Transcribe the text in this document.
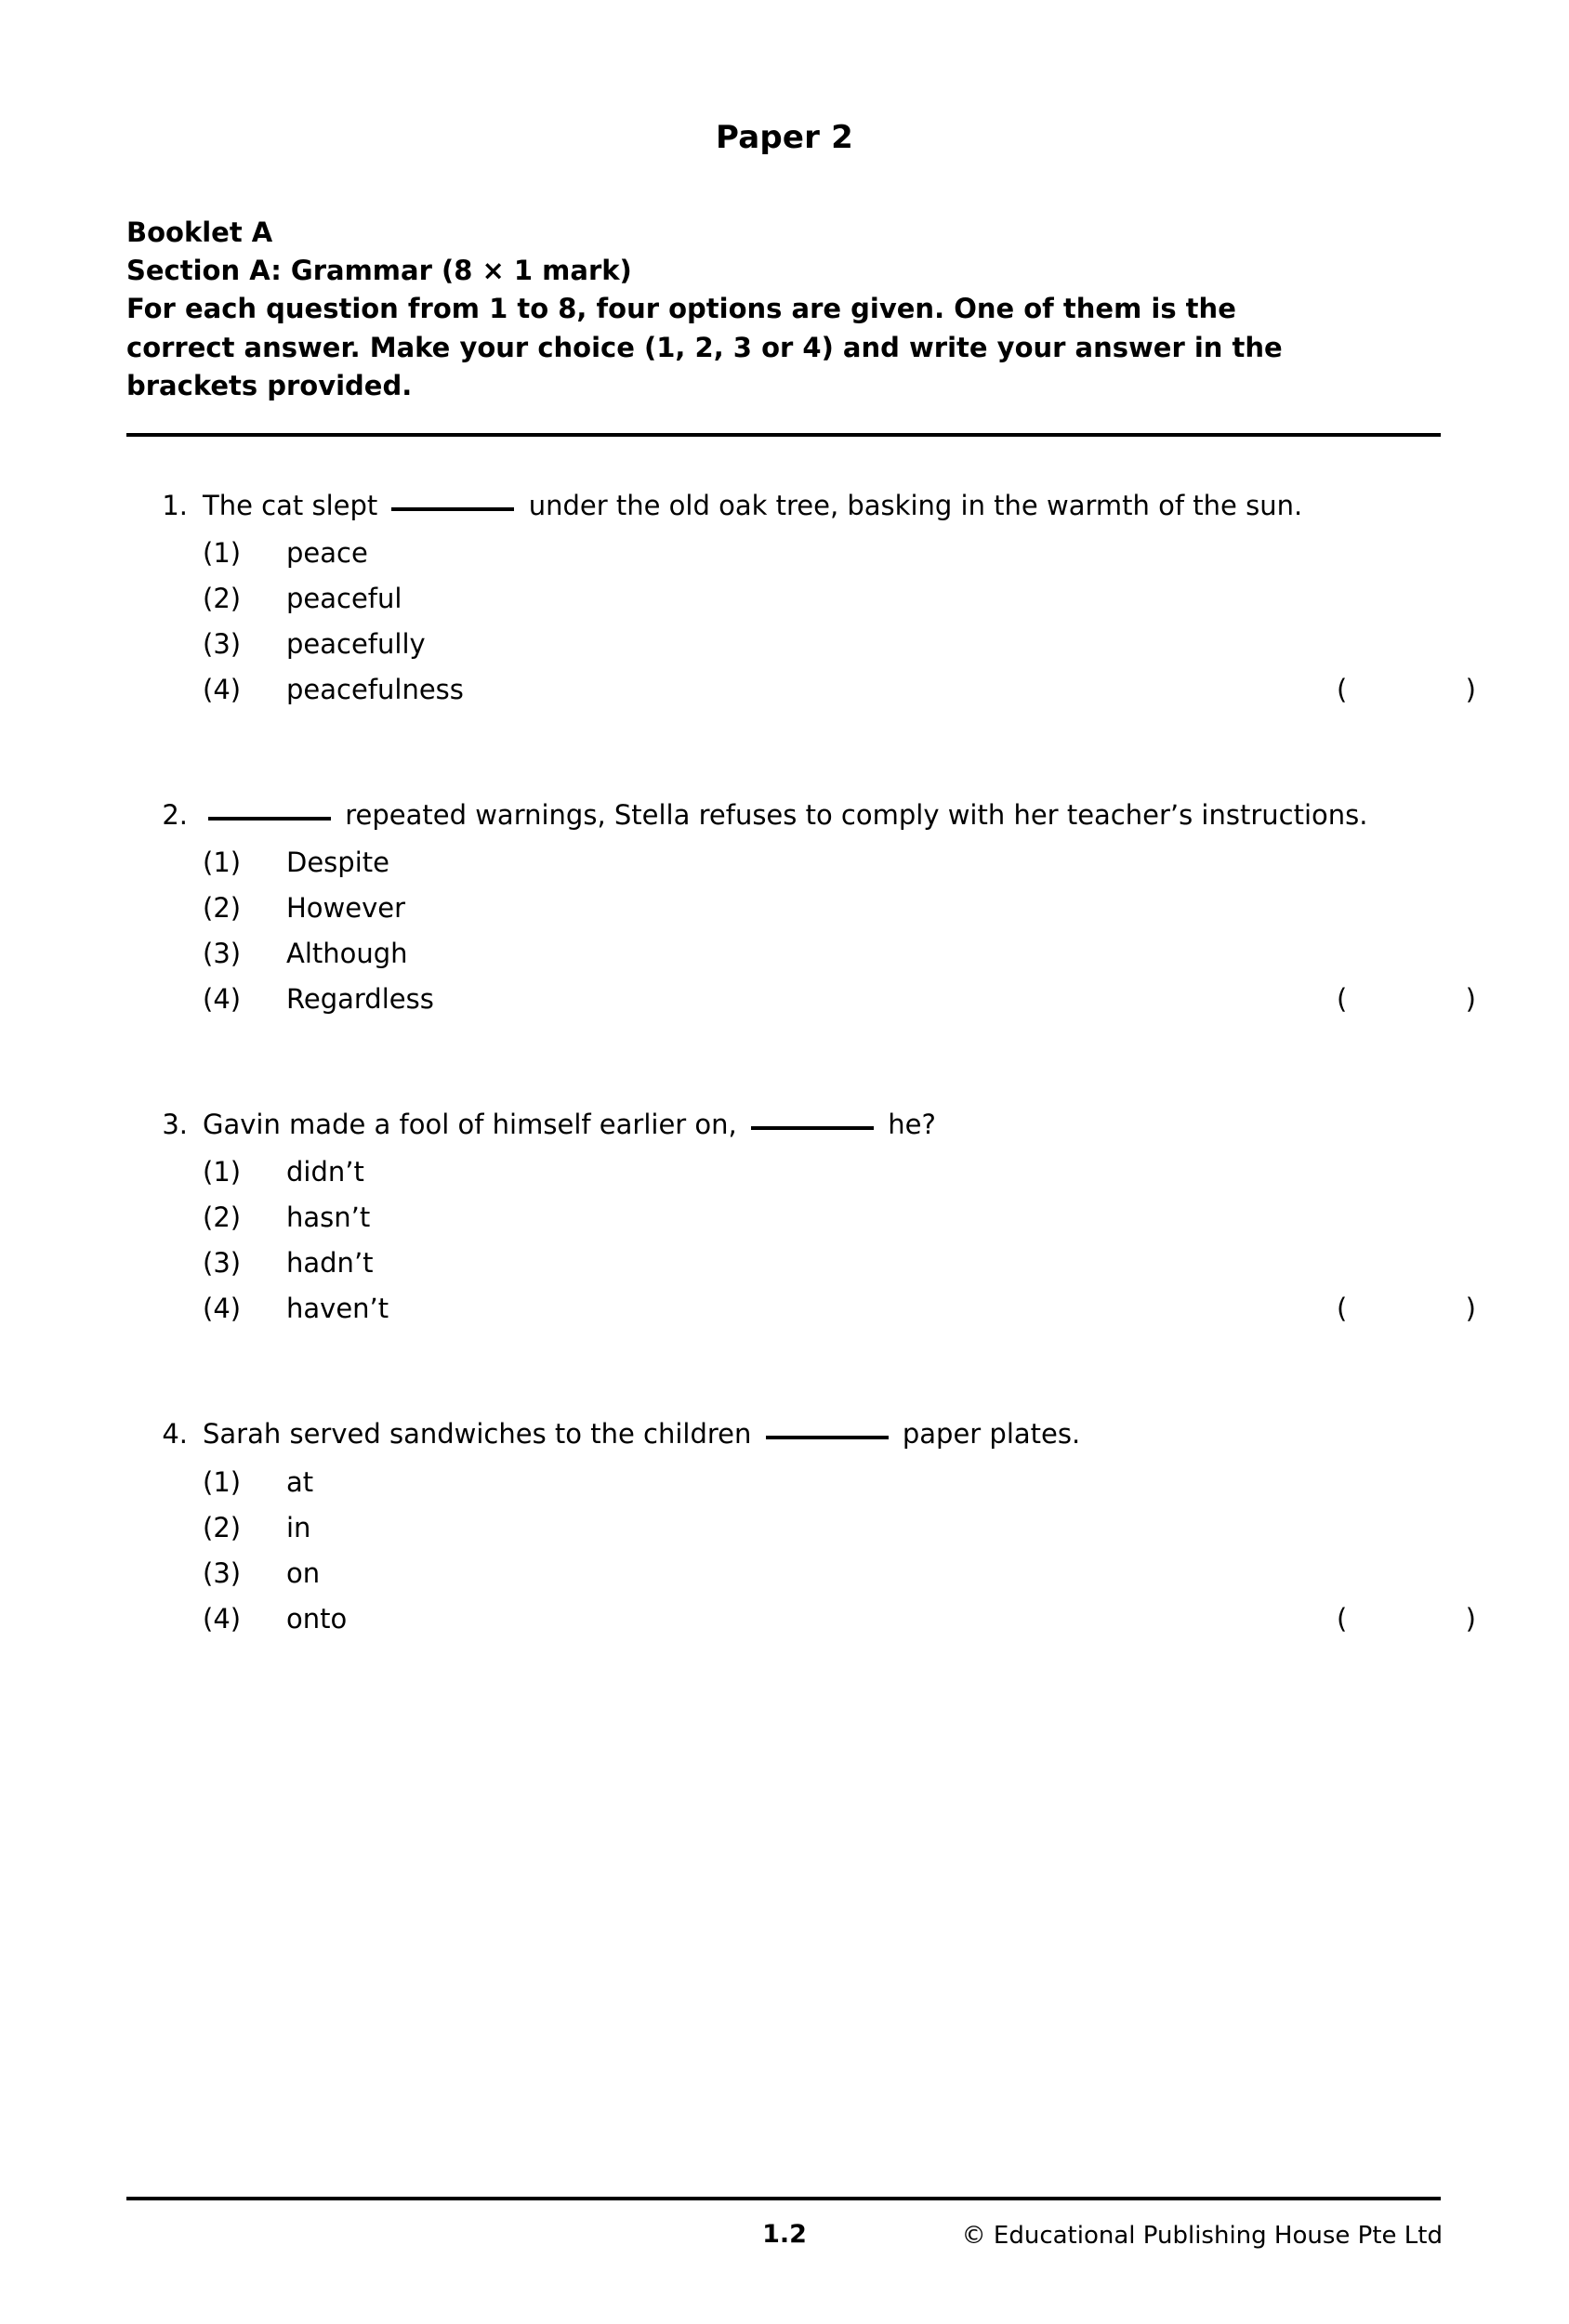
Paper 2
Booklet A
Section A: Grammar (8 × 1 mark)
For each question from 1 to 8, four options are given. One of them is the
correct answer. Make your choice (1, 2, 3 or 4) and write your answer in the
brackets provided.
1. The cat slept	under the old oak tree, basking in the warmth of the sun.
(1) peace
(2) peaceful
(3) peacefully
(4) peacefulness	(	)
2.	repeated warnings, Stella refuses to comply with her teacher’s instructions.
(1) Despite
(2) However
(3) Although
(4) Regardless	(	)
3. Gavin made a fool of himself earlier on,	he?
(1) didn’t
(2) hasn’t
(3) hadn’t
(4) haven’t	(	)
4. Sarah served sandwiches to the children	paper plates.
(1) at
(2) in
(3) on
(4) onto	(	)
1.2	© Educational Publishing House Pte Ltd
